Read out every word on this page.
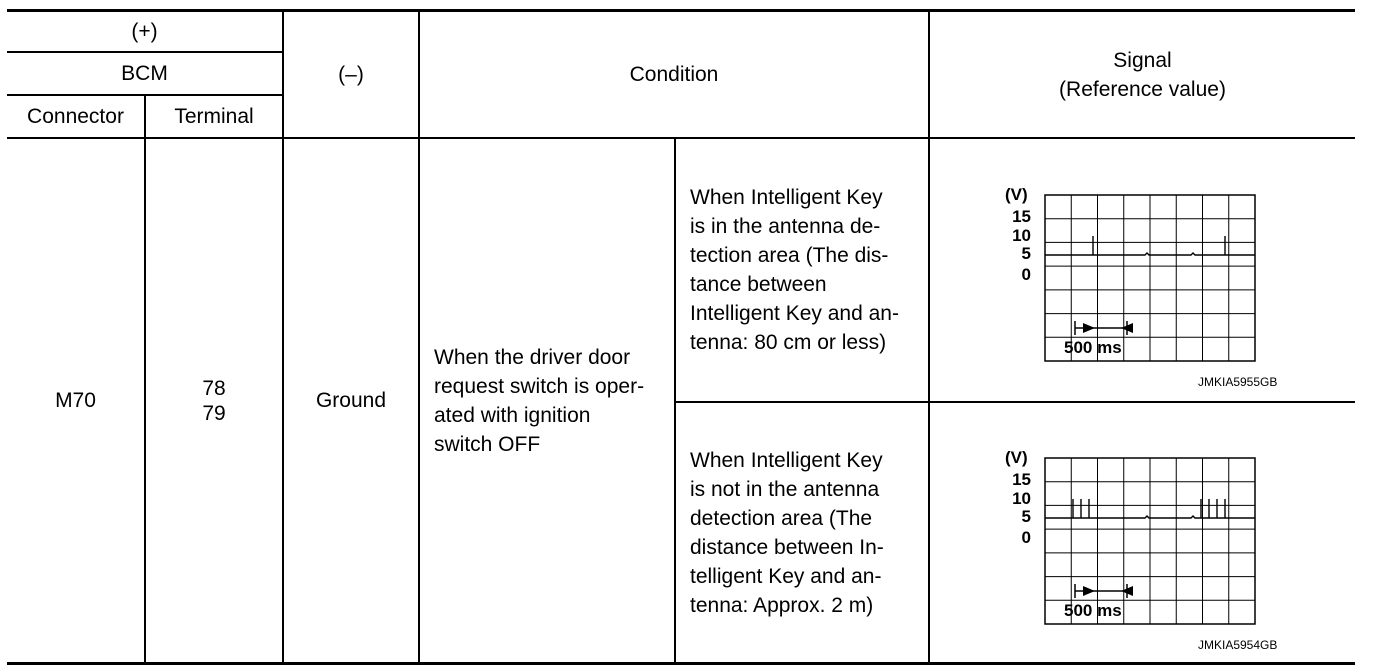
(+)
BCM
Connector Terminal
(–)	Condition
Signal
(Reference value)
M70
78
79
Ground
When the driver door
request switch is oper-
ated with ignition
switch OFF
When Intelligent Key
is in the antenna de-
tection area (The dis-
tance between
Intelligent Key and an-
tenna: 80 cm or less)
When Intelligent Key
is not in the antenna
detection area (The
distance between In-
telligent Key and an-
tenna: Approx. 2 m)
(V)
15
10
5
0
500 ms
JMKIA5955GB
(V)
15
10
5
0
500 ms
JMKIA5954GB
